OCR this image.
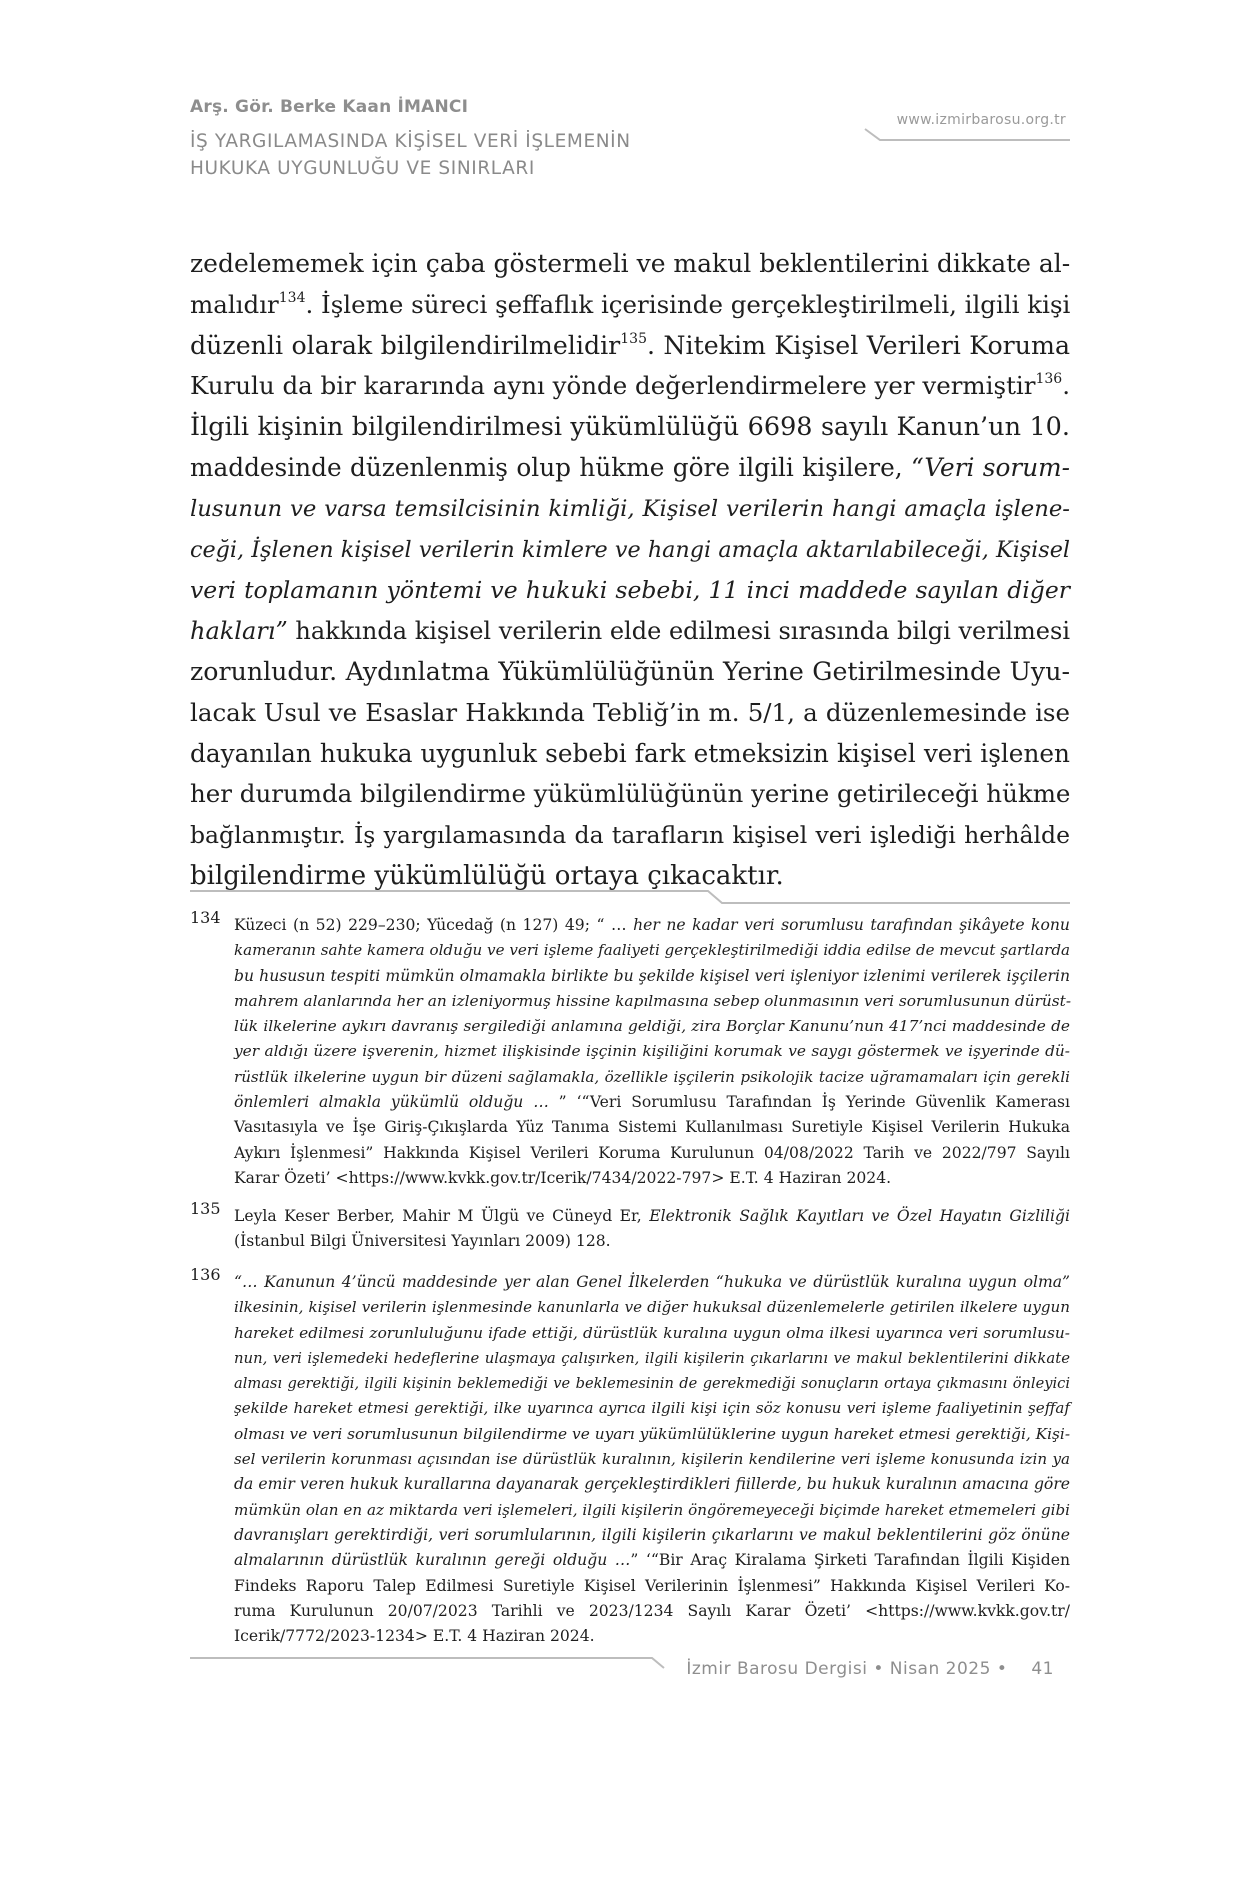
Arş. Gör. Berke Kaan İMANCI
İŞ YARGILAMASINDA KİŞİSEL VERİ İŞLEMENİN
HUKUKA UYGUNLUĞU VE SINIRLARI
www.izmirbarosu.org.tr
zedelememek için çaba göstermeli ve makul beklentilerini dikkate al-
malıdır$^{134}$. İşleme süreci şeffaflık içerisinde gerçekleştirilmeli, ilgili kişi
düzenli olarak bilgilendirilmelidir$^{135}$. Nitekim Kişisel Verileri Koruma
Kurulu da bir kararında aynı yönde değerlendirmelere yer vermiştir$^{136}$.
İlgili kişinin bilgilendirilmesi yükümlülüğü 6698 sayılı Kanun’un 10.
maddesinde düzenlenmiş olup hükme göre ilgili kişilere, “Veri sorum-
lusunun ve varsa temsilcisinin kimliği, Kişisel verilerin hangi amaçla işlene-
ceği, İşlenen kişisel verilerin kimlere ve hangi amaçla aktarılabileceği, Kişisel
veri toplamanın yöntemi ve hukuki sebebi, 11 inci maddede sayılan diğer
hakları” hakkında kişisel verilerin elde edilmesi sırasında bilgi verilmesi
zorunludur. Aydınlatma Yükümlülüğünün Yerine Getirilmesinde Uyu-
lacak Usul ve Esaslar Hakkında Tebliğ’in m. 5/1, a düzenlemesinde ise
dayanılan hukuka uygunluk sebebi fark etmeksizin kişisel veri işlenen
her durumda bilgilendirme yükümlülüğünün yerine getirileceği hükme
bağlanmıştır. İş yargılamasında da tarafların kişisel veri işlediği herhâlde
bilgilendirme yükümlülüğü ortaya çıkacaktır.
134 Küzeci (n 52) 229–230; Yücedağ (n 127) 49; “ … her ne kadar veri sorumlusu tarafından şikâyete konu
kameranın sahte kamera olduğu ve veri işleme faaliyeti gerçekleştirilmediği iddia edilse de mevcut şartlarda
bu hususun tespiti mümkün olmamakla birlikte bu şekilde kişisel veri işleniyor izlenimi verilerek işçilerin
mahrem alanlarında her an izleniyormuş hissine kapılmasına sebep olunmasının veri sorumlusunun dürüst-
lük ilkelerine aykırı davranış sergilediği anlamına geldiği, zira Borçlar Kanunu’nun 417’nci maddesinde de
yer aldığı üzere işverenin, hizmet ilişkisinde işçinin kişiliğini korumak ve saygı göstermek ve işyerinde dü-
rüstlük ilkelerine uygun bir düzeni sağlamakla, özellikle işçilerin psikolojik tacize uğramamaları için gerekli
önlemleri almakla yükümlü olduğu … ” ‘“Veri Sorumlusu Tarafından İş Yerinde Güvenlik Kamerası
Vasıtasıyla ve İşe Giriş-Çıkışlarda Yüz Tanıma Sistemi Kullanılması Suretiyle Kişisel Verilerin Hukuka
Aykırı İşlenmesi” Hakkında Kişisel Verileri Koruma Kurulunun 04/08/2022 Tarih ve 2022/797 Sayılı
Karar Özeti’ <https://www.kvkk.gov.tr/Icerik/7434/2022-797> E.T. 4 Haziran 2024.
135 Leyla Keser Berber, Mahir M Ülgü ve Cüneyd Er, Elektronik Sağlık Kayıtları ve Özel Hayatın Gizliliği
(İstanbul Bilgi Üniversitesi Yayınları 2009) 128.
136 “… Kanunun 4’üncü maddesinde yer alan Genel İlkelerden “hukuka ve dürüstlük kuralına uygun olma”
ilkesinin, kişisel verilerin işlenmesinde kanunlarla ve diğer hukuksal düzenlemelerle getirilen ilkelere uygun
hareket edilmesi zorunluluğunu ifade ettiği, dürüstlük kuralına uygun olma ilkesi uyarınca veri sorumlusu-
nun, veri işlemedeki hedeflerine ulaşmaya çalışırken, ilgili kişilerin çıkarlarını ve makul beklentilerini dikkate
alması gerektiği, ilgili kişinin beklemediği ve beklemesinin de gerekmediği sonuçların ortaya çıkmasını önleyici
şekilde hareket etmesi gerektiği, ilke uyarınca ayrıca ilgili kişi için söz konusu veri işleme faaliyetinin şeffaf
olması ve veri sorumlusunun bilgilendirme ve uyarı yükümlülüklerine uygun hareket etmesi gerektiği, Kişi-
sel verilerin korunması açısından ise dürüstlük kuralının, kişilerin kendilerine veri işleme konusunda izin ya
da emir veren hukuk kurallarına dayanarak gerçekleştirdikleri fiillerde, bu hukuk kuralının amacına göre
mümkün olan en az miktarda veri işlemeleri, ilgili kişilerin öngöremeyeceği biçimde hareket etmemeleri gibi
davranışları gerektirdiği, veri sorumlularının, ilgili kişilerin çıkarlarını ve makul beklentilerini göz önüne
almalarının dürüstlük kuralının gereği olduğu …” ‘“Bir Araç Kiralama Şirketi Tarafından İlgili Kişiden
Findeks Raporu Talep Edilmesi Suretiyle Kişisel Verilerinin İşlenmesi” Hakkında Kişisel Verileri Ko-
ruma Kurulunun 20/07/2023 Tarihli ve 2023/1234 Sayılı Karar Özeti’ <https://www.kvkk.gov.tr/
Icerik/7772/2023-1234> E.T. 4 Haziran 2024.
İzmir Barosu Dergisi • Nisan 2025 • 41
